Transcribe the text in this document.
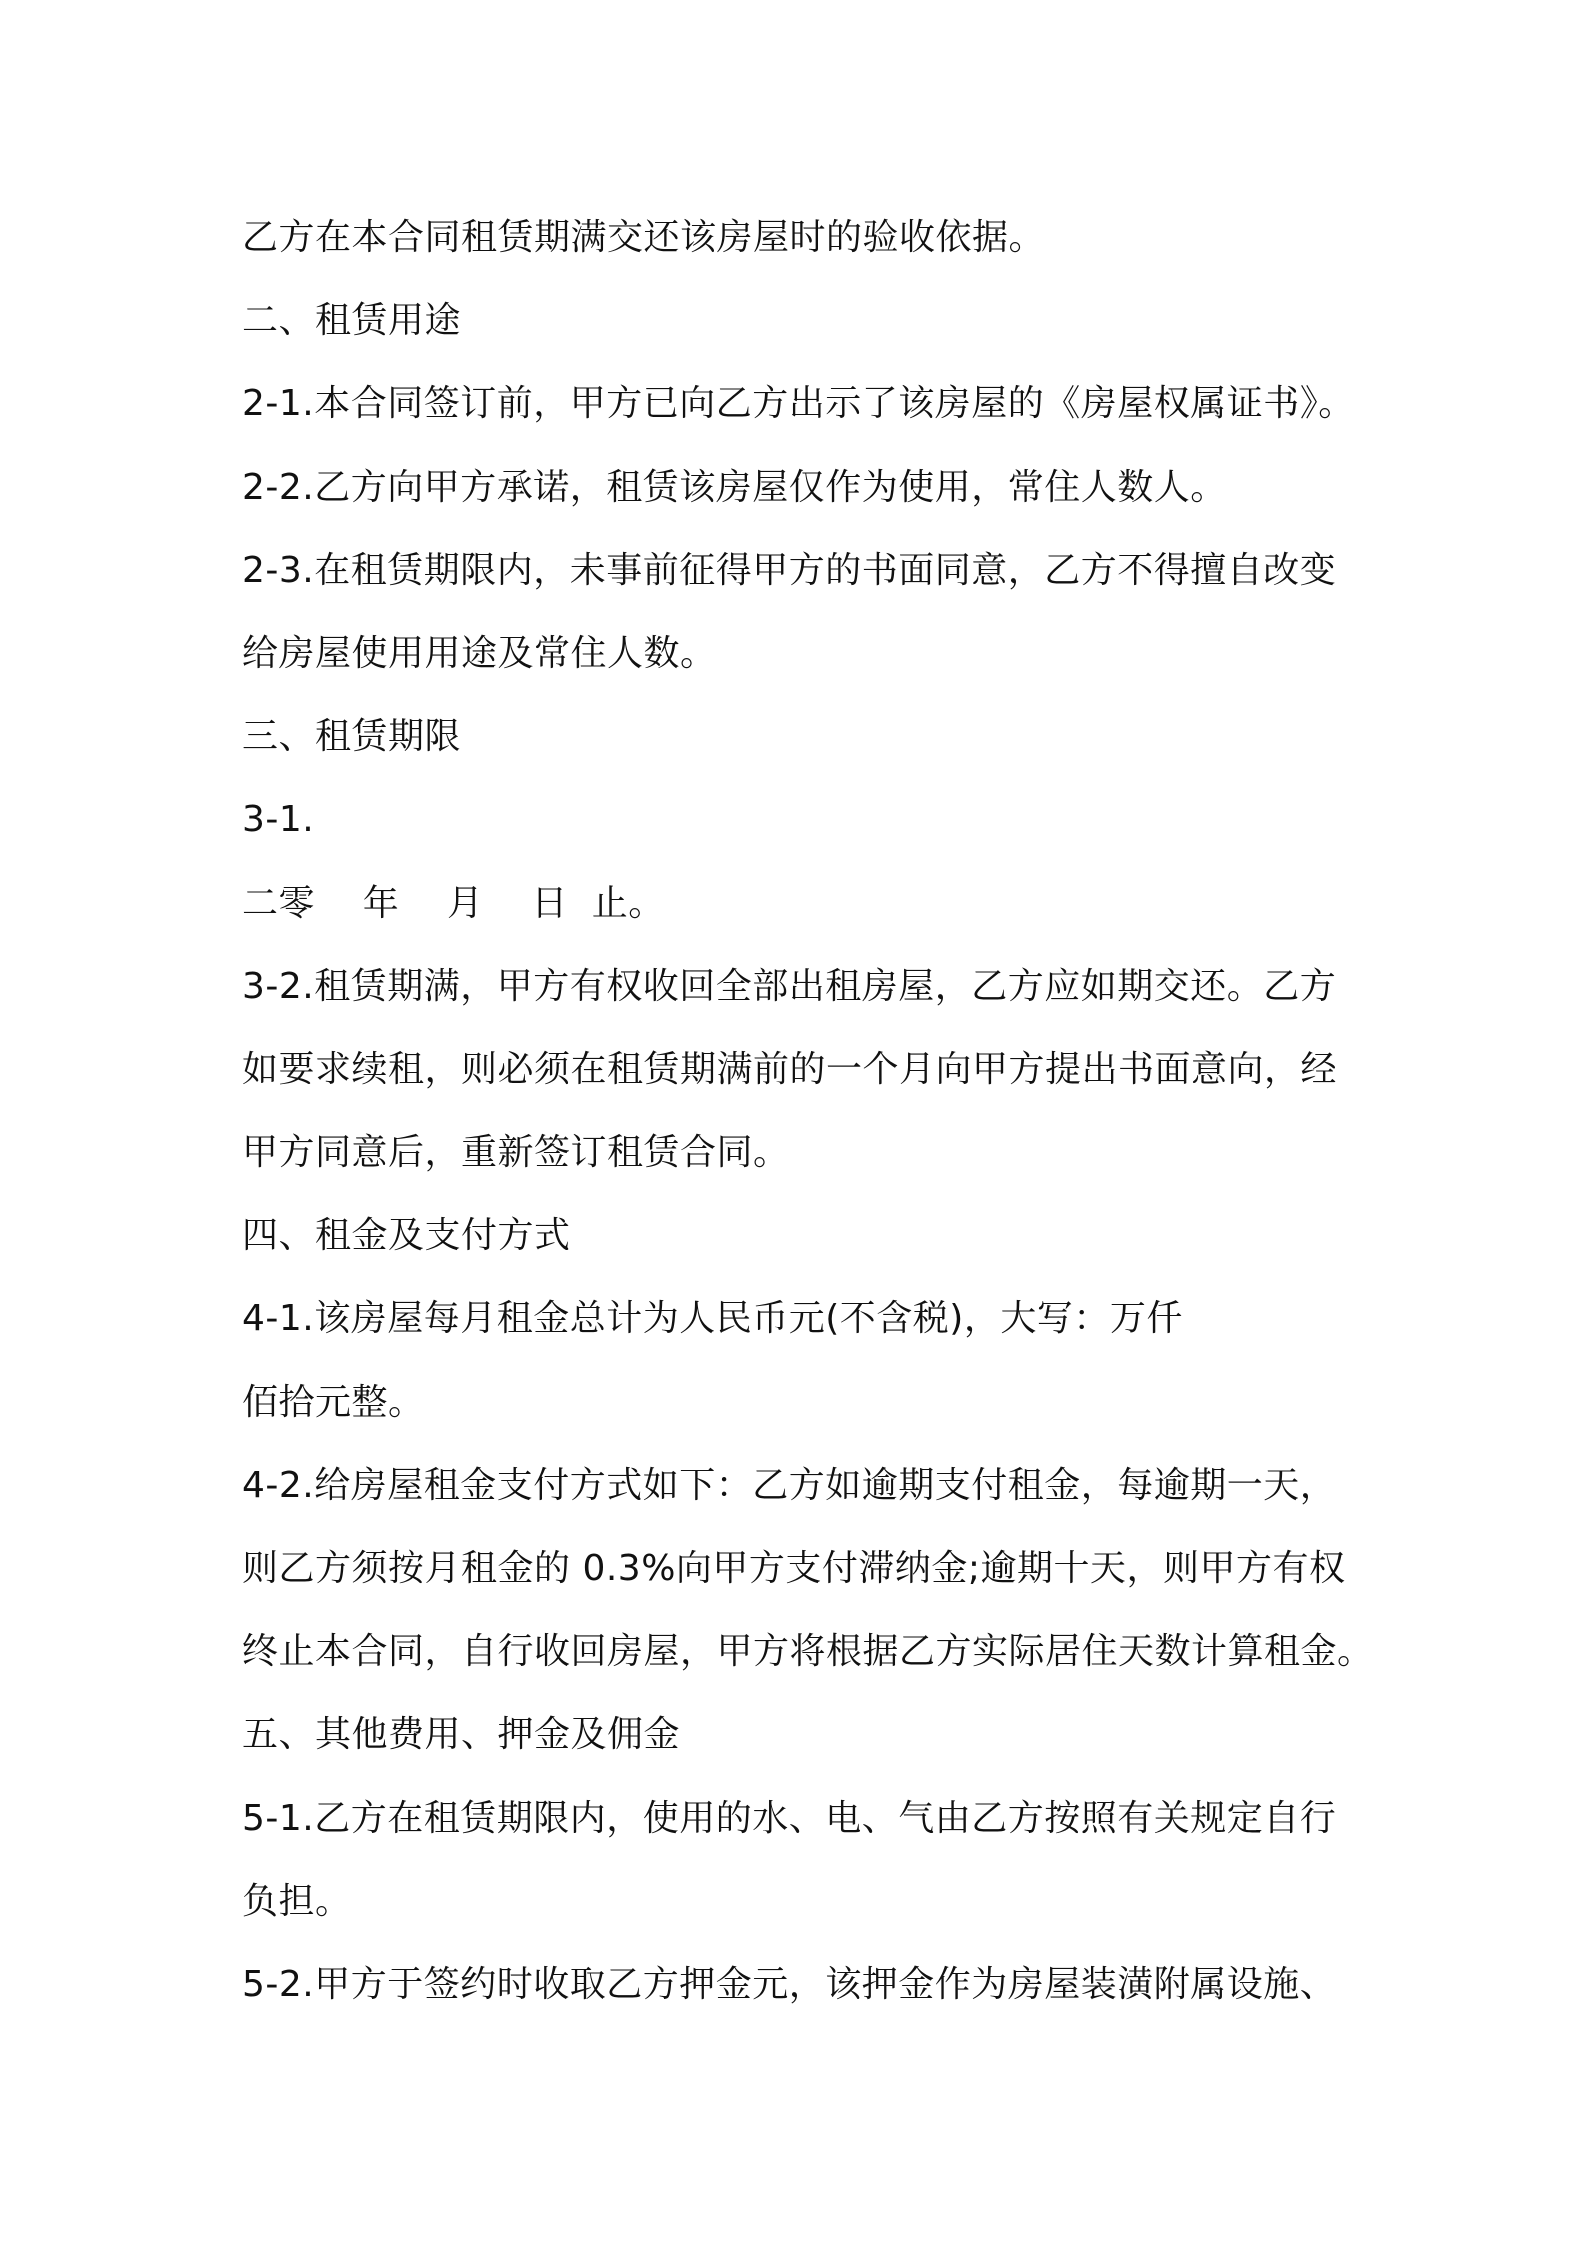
乙方在本合同租赁期满交还该房屋时的验收依据。
二、租赁用途
2-1.本合同签订前，甲方已向乙方出示了该房屋的《房屋权属证书》。
2-2.乙方向甲方承诺，租赁该房屋仅作为使用，常住人数人。
2-3.在租赁期限内，未事前征得甲方的书面同意，乙方不得擅自改变
给房屋使用用途及常住人数。
三、租赁期限
3-1.
二零    年    月    日  止。
3-2.租赁期满，甲方有权收回全部出租房屋，乙方应如期交还。乙方
如要求续租，则必须在租赁期满前的一个月向甲方提出书面意向，经
甲方同意后，重新签订租赁合同。
四、租金及支付方式
4-1.该房屋每月租金总计为人民币元(不含税)，大写：万仟
佰拾元整。
4-2.给房屋租金支付方式如下：乙方如逾期支付租金，每逾期一天，
则乙方须按月租金的 0.3%向甲方支付滞纳金;逾期十天，则甲方有权
终止本合同，自行收回房屋，甲方将根据乙方实际居住天数计算租金。
五、其他费用、押金及佣金
5-1.乙方在租赁期限内，使用的水、电、气由乙方按照有关规定自行
负担。
5-2.甲方于签约时收取乙方押金元，该押金作为房屋装潢附属设施、
